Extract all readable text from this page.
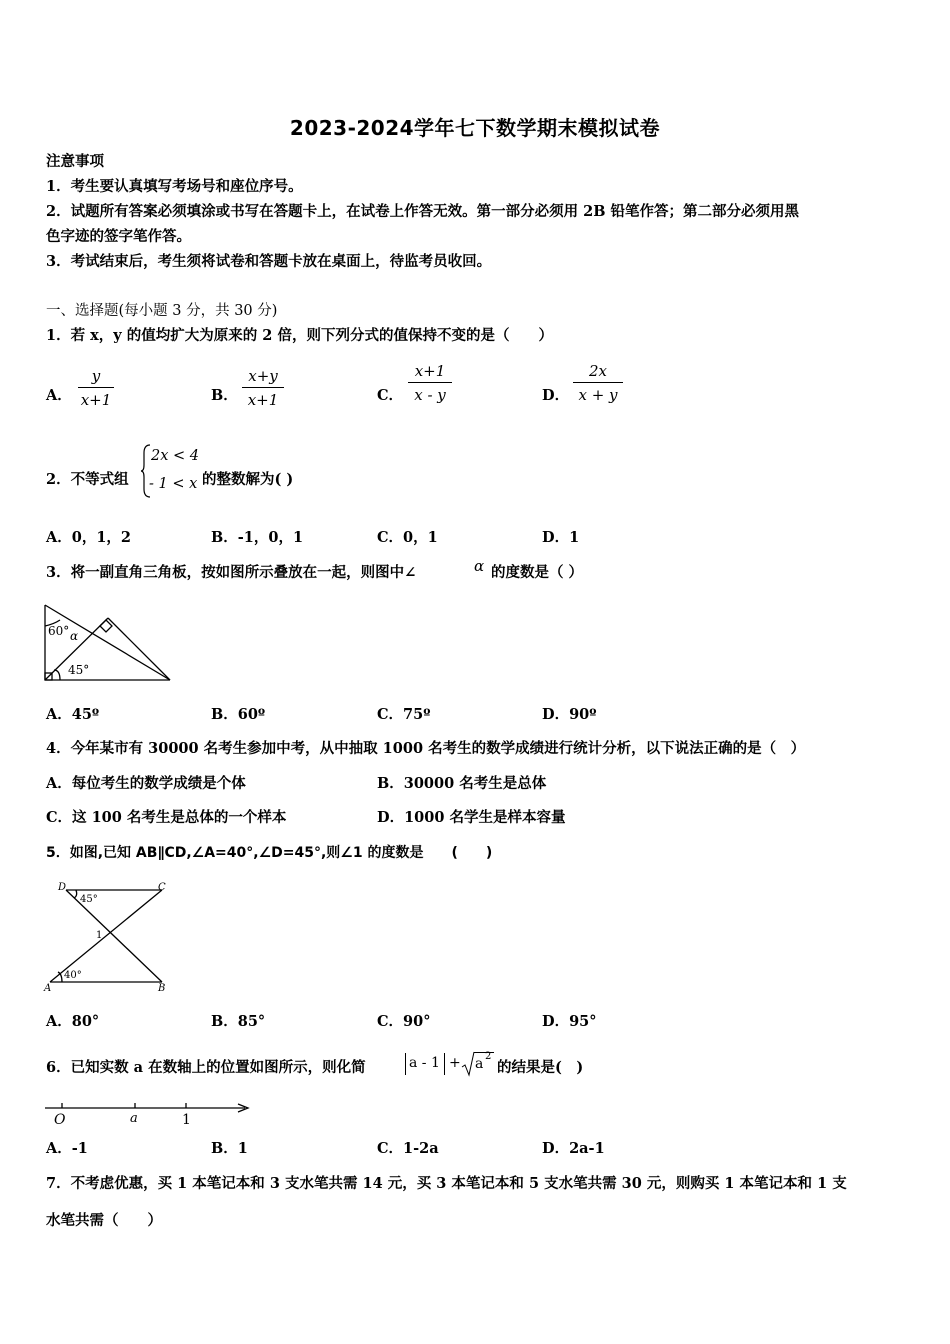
2023-2024学年七下数学期末模拟试卷
注意事项
1．考生要认真填写考场号和座位序号。
2．试题所有答案必须填涂或书写在答题卡上，在试卷上作答无效。第一部分必须用 2B 铅笔作答；第二部分必须用黑
色字迹的签字笔作答。
3．考试结束后，考生须将试卷和答题卡放在桌面上，待监考员收回。
一、选择题(每小题 3 分，共 30 分)
1．若 x，y 的值均扩大为原来的 2 倍，则下列分式的值保持不变的是（　　）
A．
y
x+1	B．
x+y
x+1	C．
x+1
x - y	D．
2x
x + y
2．不等式组
2x < 4
- 1 < x 的整数解为( )
A．0，1，2	B．-1，0，1	C．0，1	D．1
3．将一副直角三角板，按如图所示叠放在一起，则图中∠	α 的度数是（ ）
60° α
45°
A．45º	B．60º	C．75º	D．90º
4．今年某市有 30000 名考生参加中考，从中抽取 1000 名考生的数学成绩进行统计分析，以下说法正确的是（　）
A．每位考生的数学成绩是个体	B．30000 名考生是总体
C．这 100 名考生是总体的一个样本	D．1000 名学生是样本容量
5．如图,已知 AB∥CD,∠A=40°,∠D=45°,则∠1 的度数是　　(　　)
D	C
A	B
45°
40°
1
A．80°	B．85°	C．90°	D．95°
6．已知实数 a 在数轴上的位置如图所示，则化简	a - 1 + a 2
的结果是(　)
O	a	1
A．-1	B．1	C．1-2a	D．2a-1
7．不考虑优惠，买 1 本笔记本和 3 支水笔共需 14 元，买 3 本笔记本和 5 支水笔共需 30 元，则购买 1 本笔记本和 1 支
水笔共需（　　）
